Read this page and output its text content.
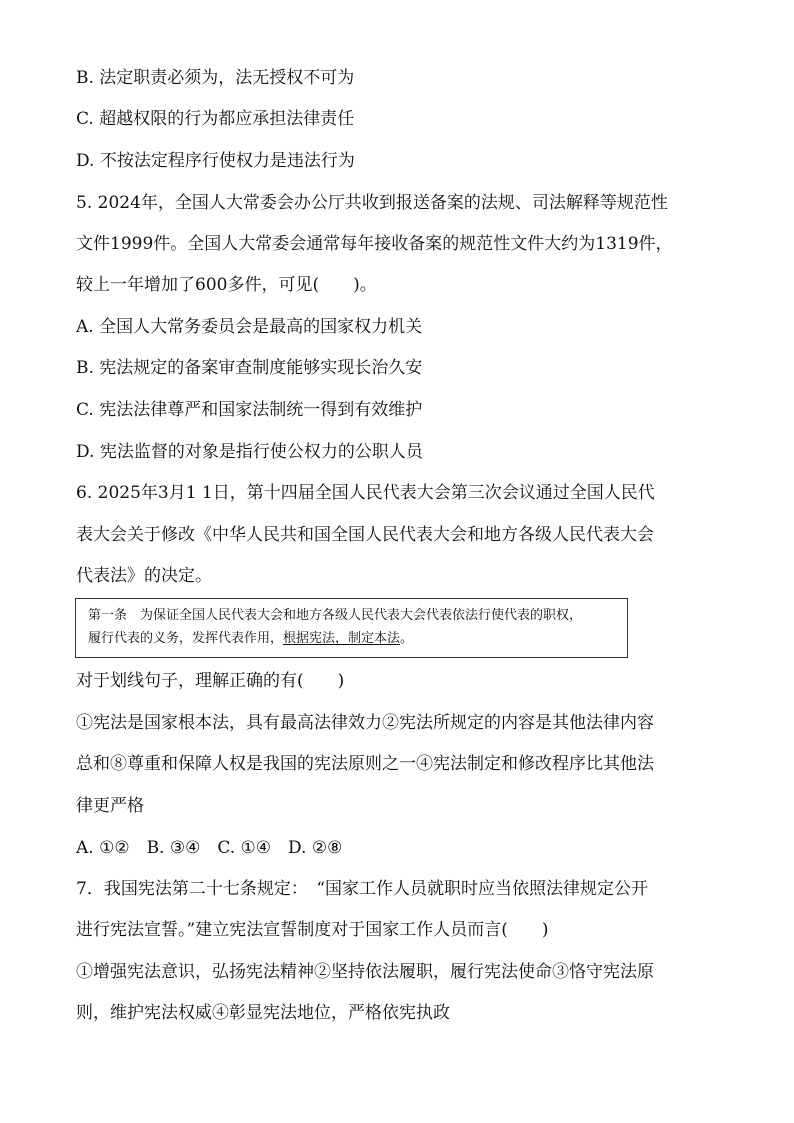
B. 法定职责必须为，法无授权不可为
C. 超越权限的行为都应承担法律责任
D. 不按法定程序行使权力是违法行为
5. 2024年，全国人大常委会办公厅共收到报送备案的法规、司法解释等规范性
文件1999件。全国人大常委会通常每年接收备案的规范性文件大约为1319件，
较上一年增加了600多件，可见(　　)。
A. 全国人大常务委员会是最高的国家权力机关
B. 宪法规定的备案审查制度能够实现长治久安
C. 宪法法律尊严和国家法制统一得到有效维护
D. 宪法监督的对象是指行使公权力的公职人员
6. 2025年3月1 1日，第十四届全国人民代表大会第三次会议通过全国人民代
表大会关于修改《中华人民共和国全国人民代表大会和地方各级人民代表大会
代表法》的决定。
第一条　为保证全国人民代表大会和地方各级人民代表大会代表依法行使代表的职权，
履行代表的义务，发挥代表作用，根据宪法，制定本法。
对于划线句子，理解正确的有(　　)
①宪法是国家根本法，具有最高法律效力②宪法所规定的内容是其他法律内容
总和⑧尊重和保障人权是我国的宪法原则之一④宪法制定和修改程序比其他法
律更严格
A. ①②　B. ③④　C. ①④　D. ②⑧
7．我国宪法第二十七条规定：　“国家工作人员就职时应当依照法律规定公开
进行宪法宣誓。”建立宪法宣誓制度对于国家工作人员而言(　　)
①增强宪法意识，弘扬宪法精神②坚持依法履职，履行宪法使命③恪守宪法原
则，维护宪法权威④彰显宪法地位，严格依宪执政
